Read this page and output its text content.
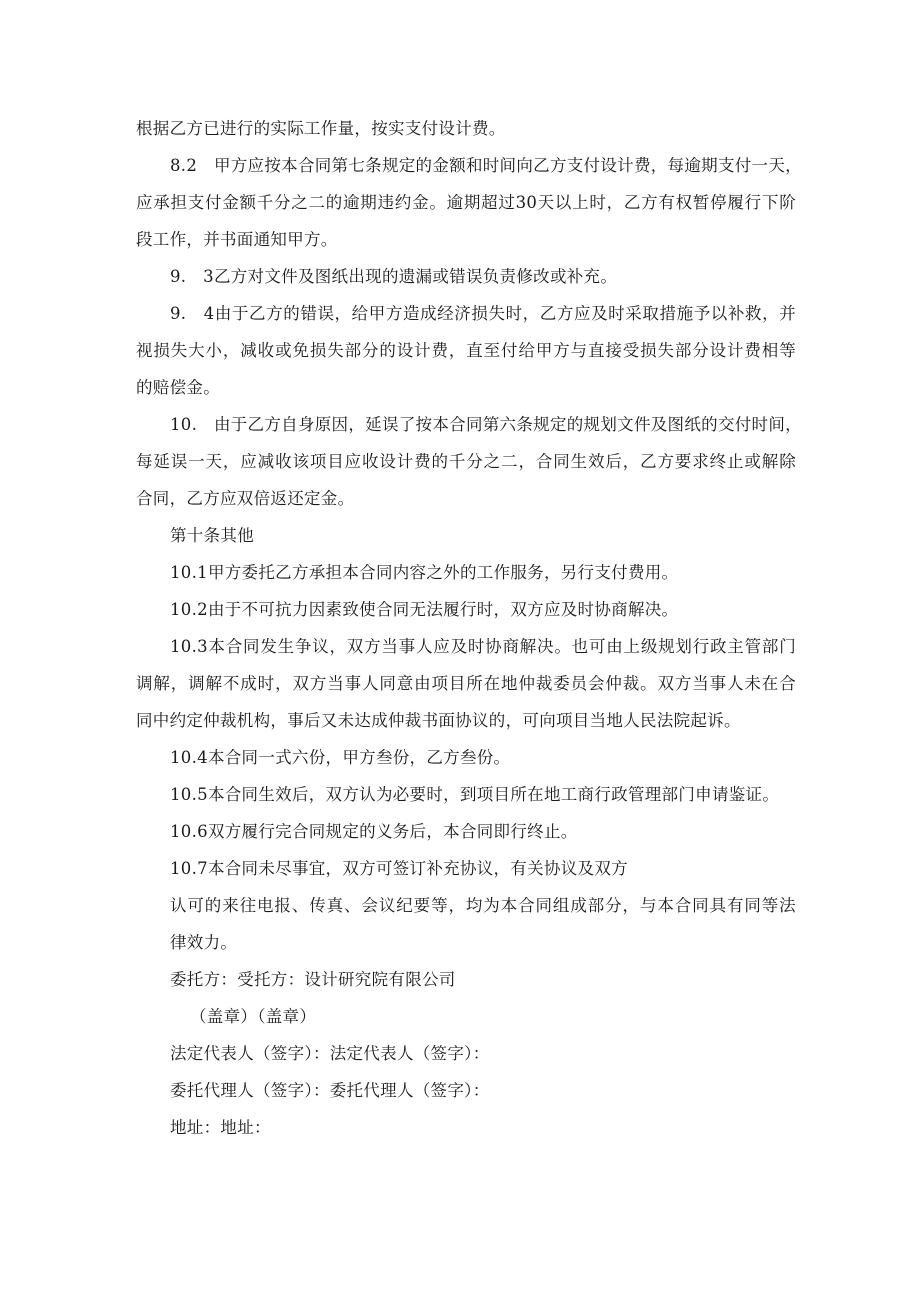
根据乙方已进行的实际工作量，按实支付设计费。
8.2　甲方应按本合同第七条规定的金额和时间向乙方支付设计费，每逾期支付一天，
应承担支付金额千分之二的逾期违约金。逾期超过30天以上时，乙方有权暂停履行下阶
段工作，并书面通知甲方。
9.　3乙方对文件及图纸出现的遗漏或错误负责修改或补充。
9.　4由于乙方的错误，给甲方造成经济损失时，乙方应及时采取措施予以补救，并
视损失大小，减收或免损失部分的设计费，直至付给甲方与直接受损失部分设计费相等
的赔偿金。
10.　由于乙方自身原因，延误了按本合同第六条规定的规划文件及图纸的交付时间，
每延误一天，应减收该项目应收设计费的千分之二，合同生效后，乙方要求终止或解除
合同，乙方应双倍返还定金。
第十条其他
10.1甲方委托乙方承担本合同内容之外的工作服务，另行支付费用。
10.2由于不可抗力因素致使合同无法履行时，双方应及时协商解决。
10.3本合同发生争议，双方当事人应及时协商解决。也可由上级规划行政主管部门
调解，调解不成时，双方当事人同意由项目所在地仲裁委员会仲裁。双方当事人未在合
同中约定仲裁机构，事后又未达成仲裁书面协议的，可向项目当地人民法院起诉。
10.4本合同一式六份，甲方叁份，乙方叁份。
10.5本合同生效后，双方认为必要时，到项目所在地工商行政管理部门申请鉴证。
10.6双方履行完合同规定的义务后，本合同即行终止。
10.7本合同未尽事宜，双方可签订补充协议，有关协议及双方
认可的来往电报、传真、会议纪要等，均为本合同组成部分，与本合同具有同等法
律效力。
委托方：受托方：设计研究院有限公司
（盖章）（盖章）
法定代表人（签字）：法定代表人（签字）：
委托代理人（签字）：委托代理人（签字）：
地址：地址：
